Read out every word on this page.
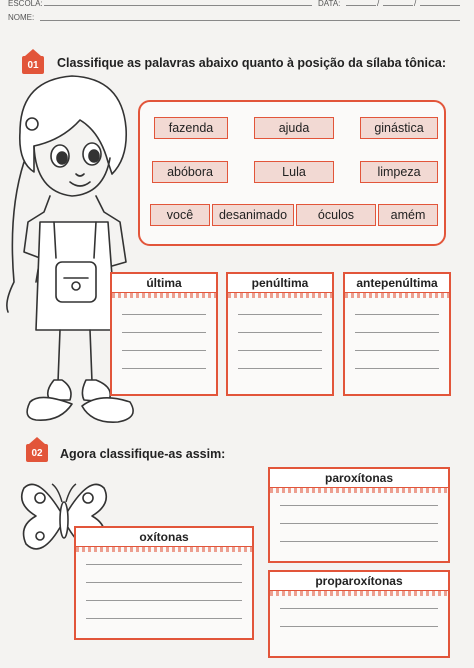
ESCOLA:	DATA:	/	/
NOME:
01	Classifique as palavras abaixo quanto à posição da sílaba tônica:
fazenda	ajuda	ginástica
abóbora	Lula	limpeza
você	desanimado	óculos	amém
última	penúltima	antepenúltima
02	Agora classifique-as assim:
paroxítonas
oxítonas
proparoxítonas
